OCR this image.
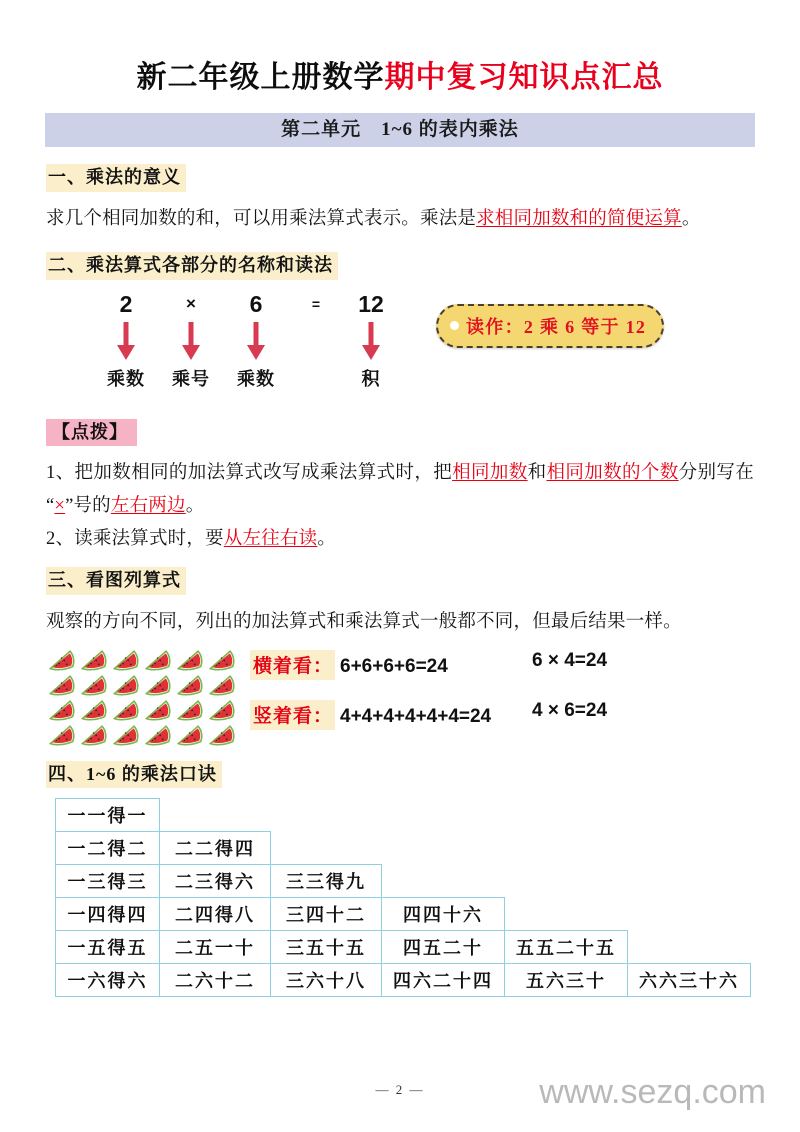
新二年级上册数学期中复习知识点汇总
第二单元　1~6 的表内乘法
一、乘法的意义
求几个相同加数的和，可以用乘法算式表示。乘法是求相同加数和的简便运算。
二、乘法算式各部分的名称和读法
2
乘数
×
乘号
6
乘数
=	12
积
读作：2 乘 6 等于 12
【点拨】
1、把加数相同的加法算式改写成乘法算式时，把相同加数和相同加数的个数分别写在“×”号的左右两边。
2、读乘法算式时，要从左往右读。
三、看图列算式
观察的方向不同，列出的加法算式和乘法算式一般都不同，但最后结果一样。
横着看： 6+6+6+6=24	6 × 4=24
竖着看： 4+4+4+4+4+4=24 4 × 6=24
四、1~6 的乘法口诀
一一得一
一二得二	二二得四
一三得三	二三得六	三三得九
一四得四	二四得八	三四十二	四四十六
一五得五	二五一十	三五十五	四五二十	五五二十五
一六得六	二六十二	三六十八	四六二十四	五六三十	六六三十六
— 2 —	www.sezq.com
